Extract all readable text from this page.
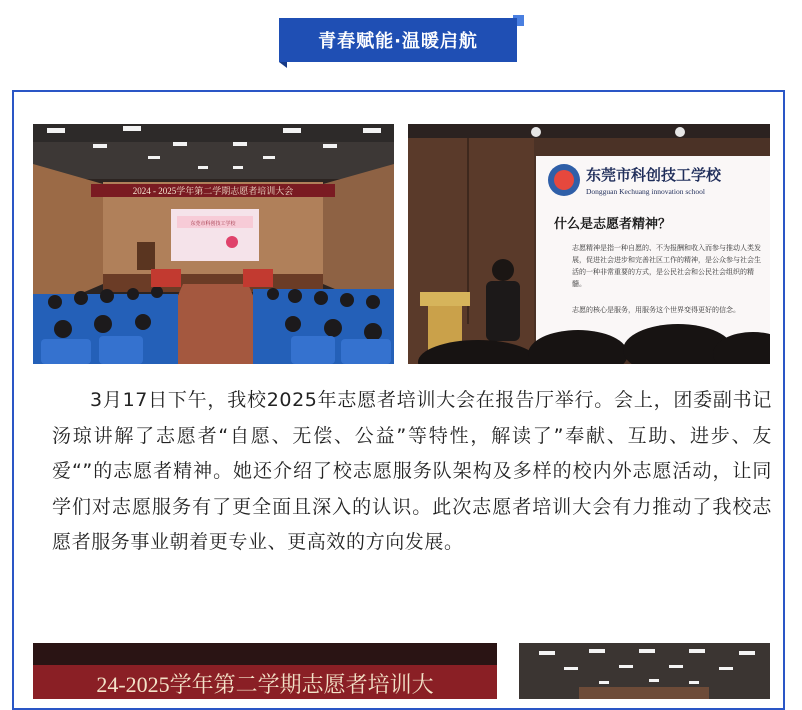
青春赋能·温暖启航
2024 - 2025学年第二学期志愿者培训大会
东莞市科创技工学校
东莞市科创技工学校
Dongguan Kechuang innovation school
什么是志愿者精神？
志愿精神是指一种自愿的、不为报酬和收入而参与推动人类发展，促进社会进步和完善社区工作的精神，是公众参与社会生活的一种非常重要的方式，是公民社会和公民社会组织的精髓。
志愿的核心是服务，用服务这个世界变得更好的信念。

3月17日下午，我校2025年志愿者培训大会在报告厅举行。会上，团委副书记汤琼讲解了志愿者“自愿、无偿、公益”等特性，解读了”奉献、互助、进步、友爱“”的志愿者精神。她还介绍了校志愿服务队架构及多样的校内外志愿活动，让同学们对志愿服务有了更全面且深入的认识。此次志愿者培训大会有力推动了我校志愿者服务事业朝着更专业、更高效的方向发展。

24-2025学年第二学期志愿者培训大
